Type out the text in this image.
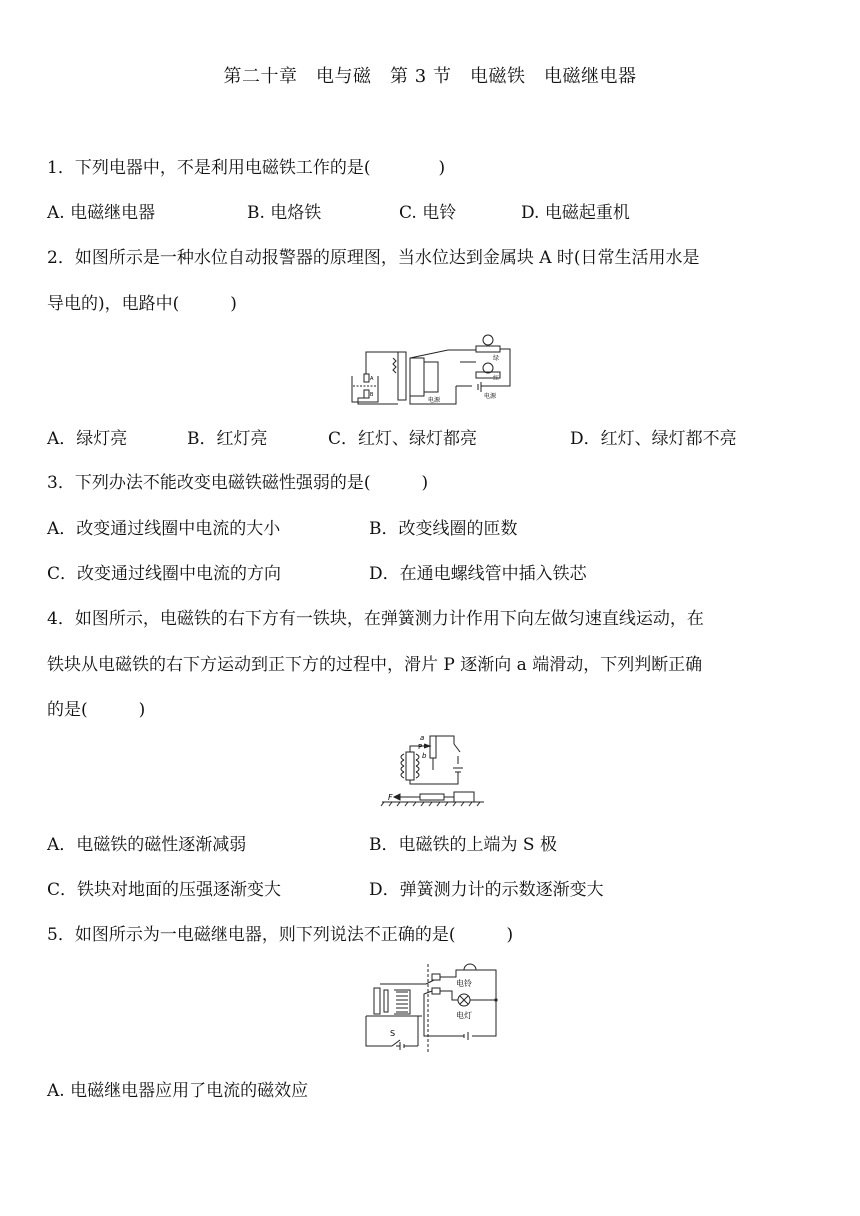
第二十章　电与磁　第 3 节　电磁铁　电磁继电器
1．下列电器中，不是利用电磁铁工作的是(　　　　)
A. 电磁继电器	B. 电烙铁	C. 电铃	D. 电磁起重机
2．如图所示是一种水位自动报警器的原理图，当水位达到金属块 A 时(日常生活用水是
导电的)，电路中(　　　)
绿
红
电源
电源
A
B
A．绿灯亮	B．红灯亮	C．红灯、绿灯都亮	D．红灯、绿灯都不亮
3．下列办法不能改变电磁铁磁性强弱的是(　　　)
A．改变通过线圈中电流的大小	B．改变线圈的匝数
C．改变通过线圈中电流的方向	D．在通电螺线管中插入铁芯
4．如图所示，电磁铁的右下方有一铁块，在弹簧测力计作用下向左做匀速直线运动，在
铁块从电磁铁的右下方运动到正下方的过程中，滑片 P 逐渐向 a 端滑动，下列判断正确
的是(　　　)
F
a
b
P
A．电磁铁的磁性逐渐减弱	B．电磁铁的上端为 S 极
C．铁块对地面的压强逐渐变大	D．弹簧测力计的示数逐渐变大
5．如图所示为一电磁继电器，则下列说法不正确的是(　　　)
电铃
电灯
S
A. 电磁继电器应用了电流的磁效应
